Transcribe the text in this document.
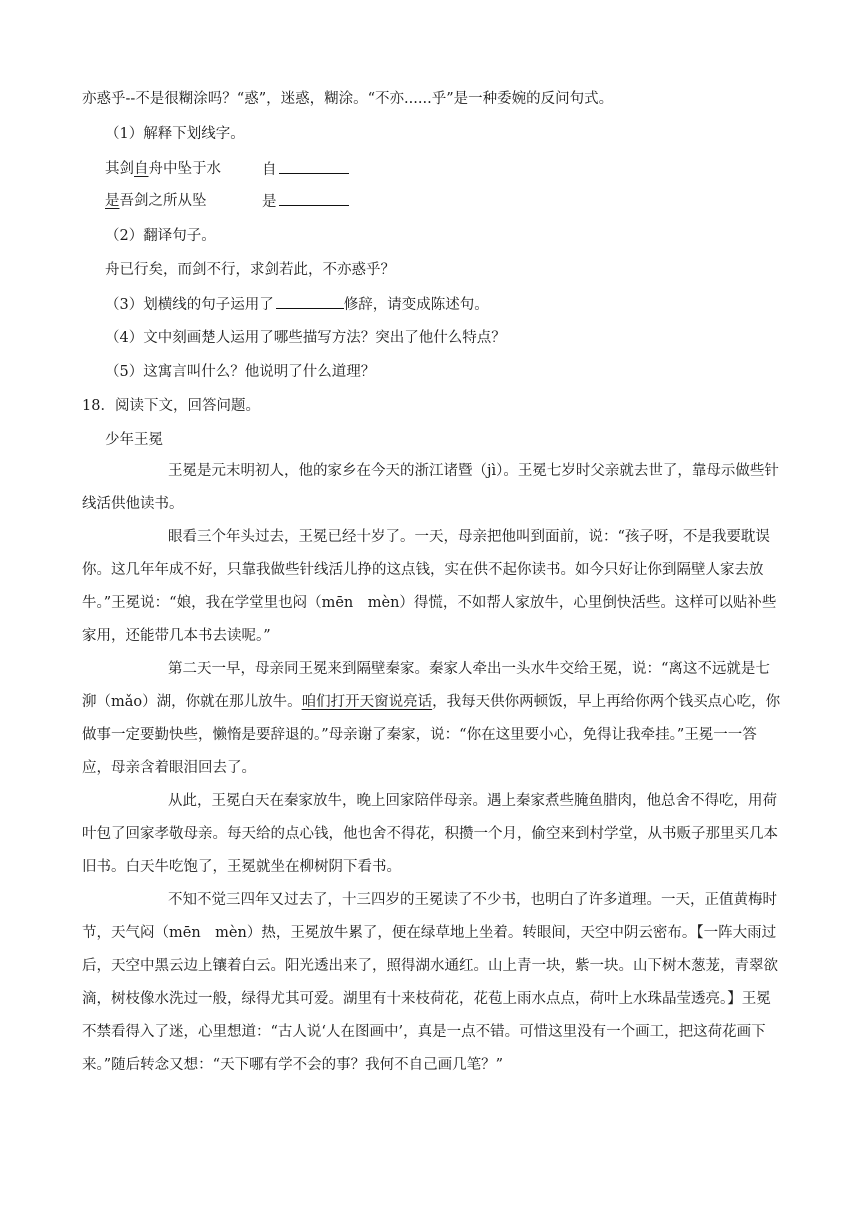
亦惑乎--不是很糊涂吗？“惑”，迷惑，糊涂。“不亦......乎”是一种委婉的反问句式。
（1）解释下划线字。
其剑自舟中坠于水	自
是吾剑之所从坠	是
（2）翻译句子。
舟已行矣，而剑不行，求剑若此，不亦惑乎？
（3）划横线的句子运用了	修辞，请变成陈述句。
（4）文中刻画楚人运用了哪些描写方法？突出了他什么特点？
（5）这寓言叫什么？他说明了什么道理？
18．阅读下文，回答问题。
少年王冕
王冕是元末明初人，他的家乡在今天的浙江诸暨（jì）。王冕七岁时父亲就去世了，靠母示做些针线活供他读书。
眼看三个年头过去，王冕已经十岁了。一天，母亲把他叫到面前，说：“孩子呀，不是我要耽误你。这几年年成不好，只靠我做些针线活儿挣的这点钱，实在供不起你读书。如今只好让你到隔壁人家去放牛。”王冕说：“娘，我在学堂里也闷（mēn　mèn）得慌，不如帮人家放牛，心里倒快活些。这样可以贴补些家用，还能带几本书去读呢。”
第二天一早，母亲同王冕来到隔壁秦家。秦家人牵出一头水牛交给王冕，说：“离这不远就是七泖（mǎo）湖，你就在那儿放牛。咱们打开天窗说亮话，我每天供你两顿饭，早上再给你两个钱买点心吃，你做事一定要勤快些，懒惰是要辞退的。”母亲谢了秦家，说：“你在这里要小心，免得让我牵挂。”王冕一一答应，母亲含着眼泪回去了。
从此，王冕白天在秦家放牛，晚上回家陪伴母亲。遇上秦家煮些腌鱼腊肉，他总舍不得吃，用荷叶包了回家孝敬母亲。每天给的点心钱，他也舍不得花，积攒一个月，偷空来到村学堂，从书贩子那里买几本旧书。白天牛吃饱了，王冕就坐在柳树阴下看书。
不知不觉三四年又过去了，十三四岁的王冕读了不少书，也明白了许多道理。一天，正值黄梅时节，天气闷（mēn　mèn）热，王冕放牛累了，便在绿草地上坐着。转眼间，天空中阴云密布。【一阵大雨过后，天空中黑云边上镶着白云。阳光透出来了，照得湖水通红。山上青一块，紫一块。山下树木葱茏，青翠欲滴，树枝像水洗过一般，绿得尤其可爱。湖里有十来枝荷花，花苞上雨水点点，荷叶上水珠晶莹透亮。】王冕不禁看得入了迷，心里想道：“古人说‘人在图画中’，真是一点不错。可惜这里没有一个画工，把这荷花画下来。”随后转念又想：“天下哪有学不会的事？我何不自己画几笔？”
